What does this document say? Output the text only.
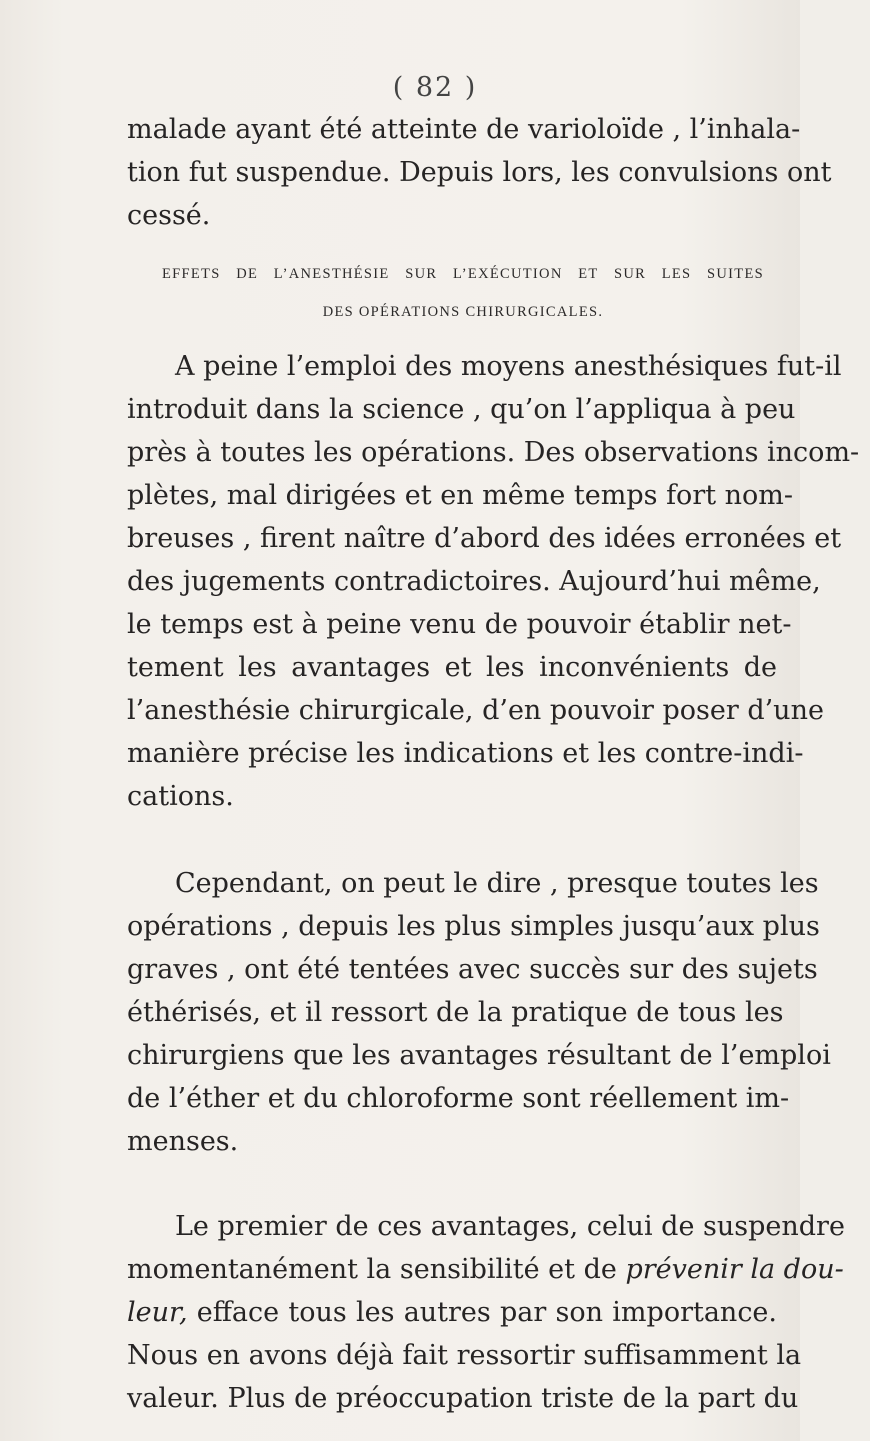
( 82 )
malade ayant été atteinte de varioloïde , l’inhala-
tion fut suspendue. Depuis lors, les convulsions ont
cessé.
EFFETS DE L’ANESTHÉSIE SUR L’EXÉCUTION ET SUR LES SUITES
DES OPÉRATIONS CHIRURGICALES.
A peine l’emploi des moyens anesthésiques fut-il
introduit dans la science , qu’on l’appliqua à peu
près à toutes les opérations. Des observations incom-
plètes, mal dirigées et en même temps fort nom-
breuses , firent naître d’abord des idées erronées et
des jugements contradictoires. Aujourd’hui même,
le temps est à peine venu de pouvoir établir net-
tement les avantages et les inconvénients de
l’anesthésie chirurgicale, d’en pouvoir poser d’une
manière précise les indications et les contre-indi-
cations.
Cependant, on peut le dire , presque toutes les
opérations , depuis les plus simples jusqu’aux plus
graves , ont été tentées avec succès sur des sujets
éthérisés, et il ressort de la pratique de tous les
chirurgiens que les avantages résultant de l’emploi
de l’éther et du chloroforme sont réellement im-
menses.
Le premier de ces avantages, celui de suspendre
momentanément la sensibilité et de prévenir la dou-
leur, efface tous les autres par son importance.
Nous en avons déjà fait ressortir suffisamment la
valeur. Plus de préoccupation triste de la part du
